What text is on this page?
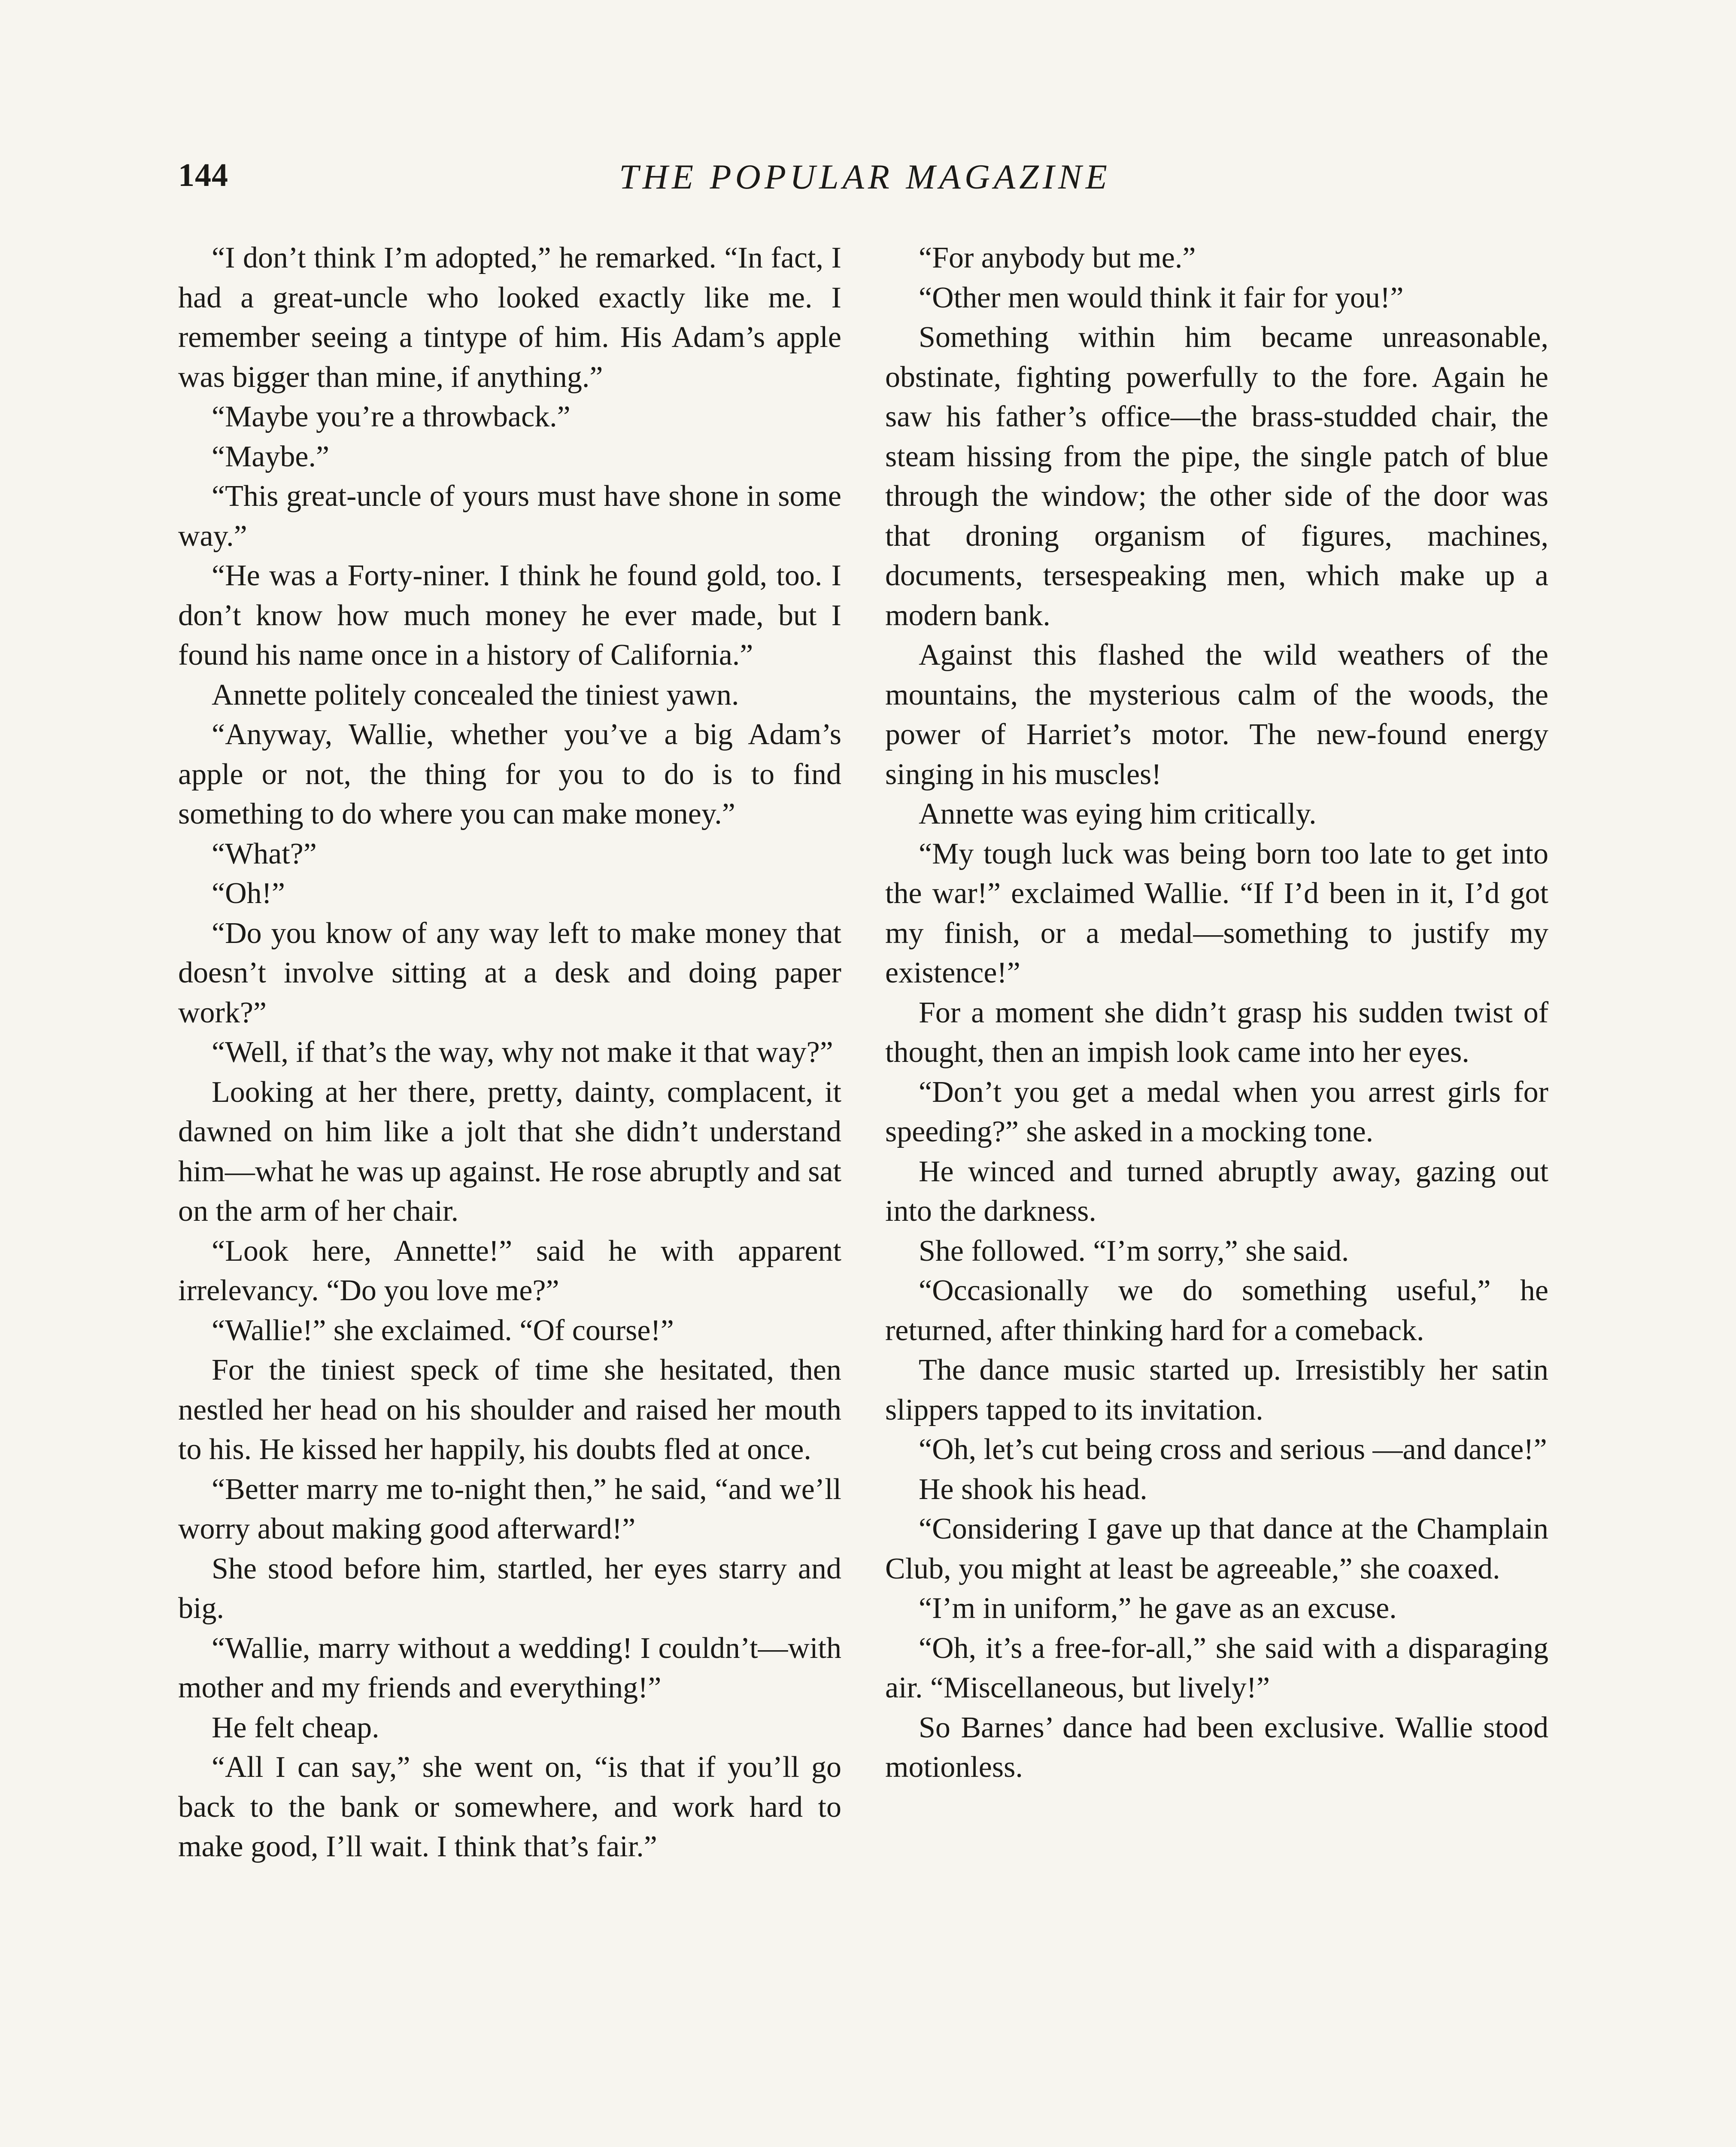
144	THE POPULAR MAGAZINE

“I don’t think I’m adopted,” he remarked. “In fact, I had a great-uncle who looked exactly like me. I remember seeing a tintype of him. His Adam’s apple was bigger than mine, if anything.”

“Maybe you’re a throwback.”

“Maybe.”

“This great-uncle of yours must have shone in some way.”

“He was a Forty-niner. I think he found gold, too. I don’t know how much money he ever made, but I found his name once in a history of California.”

Annette politely concealed the tiniest yawn.

“Anyway, Wallie, whether you’ve a big Adam’s apple or not, the thing for you to do is to find something to do where you can make money.”

“What?”

“Oh!”

“Do you know of any way left to make money that doesn’t involve sitting at a desk and doing paper work?”

“Well, if that’s the way, why not make it that way?”

Looking at her there, pretty, dainty, complacent, it dawned on him like a jolt that she didn’t understand him—what he was up against. He rose abruptly and sat on the arm of her chair.

“Look here, Annette!” said he with apparent irrelevancy. “Do you love me?”

“Wallie!” she exclaimed. “Of course!”

For the tiniest speck of time she hesitated, then nestled her head on his shoulder and raised her mouth to his. He kissed her happily, his doubts fled at once.

“Better marry me to-night then,” he said, “and we’ll worry about making good afterward!”

She stood before him, startled, her eyes starry and big.

“Wallie, marry without a wedding! I couldn’t—with mother and my friends and everything!”

He felt cheap.

“All I can say,” she went on, “is that if you’ll go back to the bank or somewhere, and work hard to make good, I’ll wait. I think that’s fair.”

“For anybody but me.”

“Other men would think it fair for you!”

Something within him became unreasonable, obstinate, fighting powerfully to the fore. Again he saw his father’s office—the brass-studded chair, the steam hissing from the pipe, the single patch of blue through the window; the other side of the door was that droning organism of figures, machines, documents, tersespeaking men, which make up a modern bank.

Against this flashed the wild weathers of the mountains, the mysterious calm of the woods, the power of Harriet’s motor. The new-found energy singing in his muscles!

Annette was eying him critically.

“My tough luck was being born too late to get into the war!” exclaimed Wallie. “If I’d been in it, I’d got my finish, or a medal—something to justify my existence!”

For a moment she didn’t grasp his sudden twist of thought, then an impish look came into her eyes.

“Don’t you get a medal when you arrest girls for speeding?” she asked in a mocking tone.

He winced and turned abruptly away, gazing out into the darkness.

She followed. “I’m sorry,” she said.

“Occasionally we do something useful,” he returned, after thinking hard for a comeback.

The dance music started up. Irresistibly her satin slippers tapped to its invitation.

“Oh, let’s cut being cross and serious —and dance!”

He shook his head.

“Considering I gave up that dance at the Champlain Club, you might at least be agreeable,” she coaxed.

“I’m in uniform,” he gave as an excuse.

“Oh, it’s a free-for-all,” she said with a disparaging air. “Miscellaneous, but lively!”

So Barnes’ dance had been exclusive. Wallie stood motionless.
